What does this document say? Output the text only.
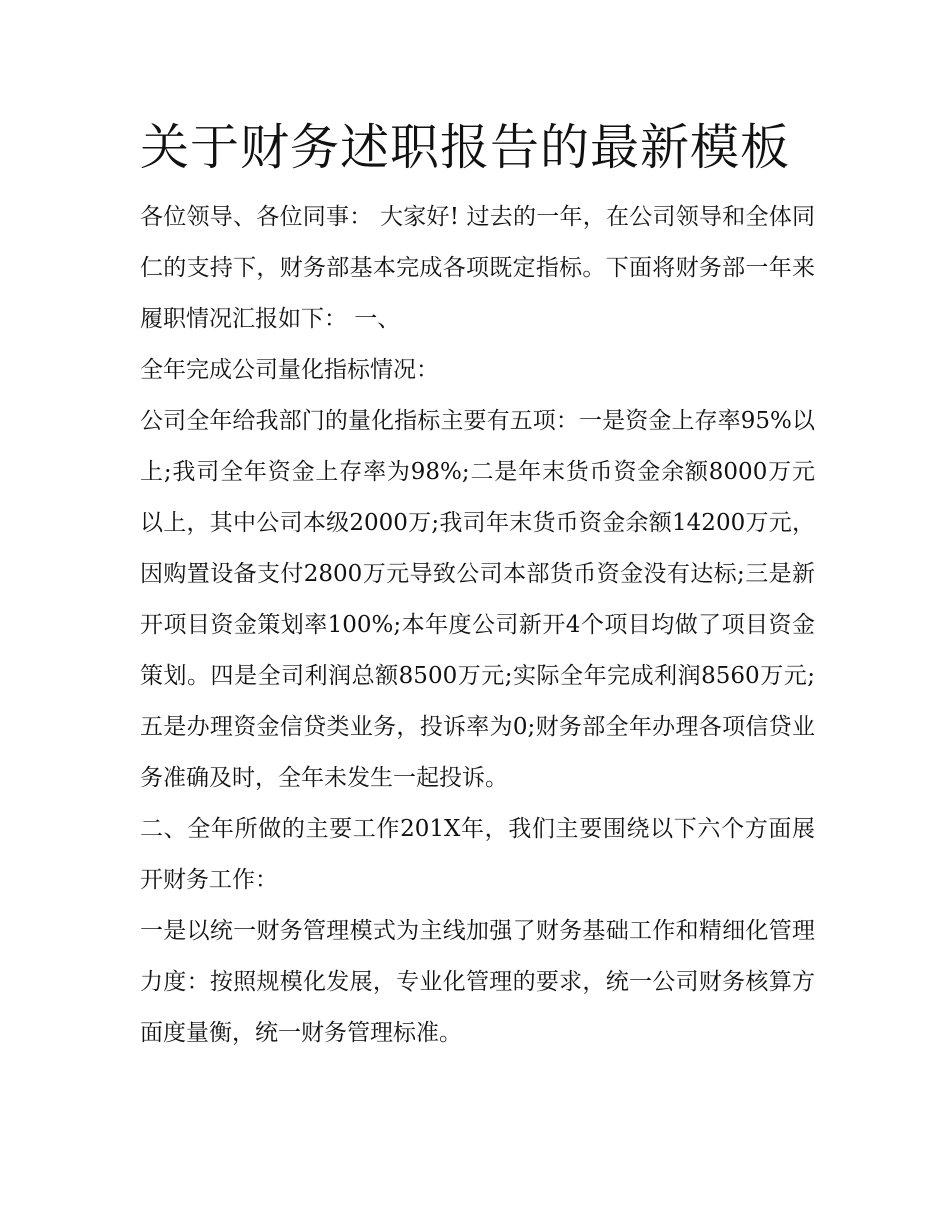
关于财务述职报告的最新模板

各位领导、各位同事： 大家好! 过去的一年，在公司领导和全体同仁的支持下，财务部基本完成各项既定指标。下面将财务部一年来履职情况汇报如下： 一、

全年完成公司量化指标情况：

公司全年给我部门的量化指标主要有五项：一是资金上存率95%以上;我司全年资金上存率为98%;二是年末货币资金余额8000万元以上，其中公司本级2000万;我司年末货币资金余额14200万元，因购置设备支付2800万元导致公司本部货币资金没有达标;三是新开项目资金策划率100%;本年度公司新开4个项目均做了项目资金策划。四是全司利润总额8500万元;实际全年完成利润8560万元;五是办理资金信贷类业务，投诉率为0;财务部全年办理各项信贷业务准确及时，全年未发生一起投诉。

二、全年所做的主要工作201X年，我们主要围绕以下六个方面展开财务工作：

一是以统一财务管理模式为主线加强了财务基础工作和精细化管理力度：按照规模化发展，专业化管理的要求，统一公司财务核算方面度量衡，统一财务管理标准。
